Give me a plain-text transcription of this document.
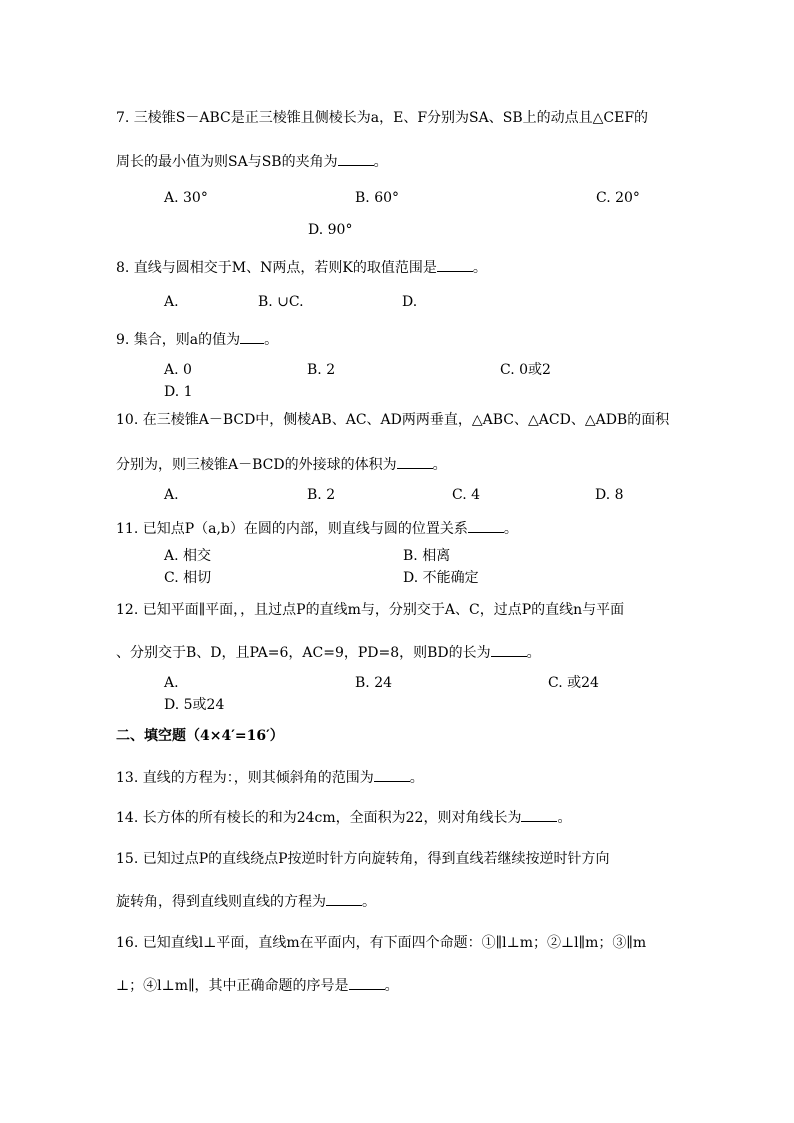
7. 三棱锥S－ABC是正三棱锥且侧棱长为a，E、F分别为SA、SB上的动点且△CEF的
周长的最小值为则SA与SB的夹角为	。
A. 30°	B. 60°	C. 20°
D. 90°
8. 直线与圆相交于M、N两点，若则K的取值范围是	。
A.	B. ∪C.	D.
9. 集合，则a的值为 。
A. 0	B. 2	C. 0或2
D. 1
10. 在三棱锥A－BCD中，侧棱AB、AC、AD两两垂直，△ABC、△ACD、△ADB的面积
分别为，则三棱锥A－BCD的外接球的体积为	。
A.	B. 2	C. 4	D. 8
11. 已知点P（a,b）在圆的内部，则直线与圆的位置关系	。
A. 相交	B. 相离
C. 相切	D. 不能确定
12. 已知平面∥平面，，且过点P的直线m与，分别交于A、C，过点P的直线n与平面
、分别交于B、D，且PA=6，AC=9，PD=8，则BD的长为	。
A.	B. 24	C. 或24
D. 5或24
二、填空题（4×4′=16′）
13. 直线的方程为：，则其倾斜角的范围为	。
14. 长方体的所有棱长的和为24cm，全面积为22，则对角线长为	。
15. 已知过点P的直线绕点P按逆时针方向旋转角，得到直线若继续按逆时针方向
旋转角，得到直线则直线的方程为	。
16. 已知直线l⊥平面，直线m在平面内，有下面四个命题：①∥l⊥m；②⊥l∥m；③∥m
⊥；④l⊥m∥，其中正确命题的序号是	。
